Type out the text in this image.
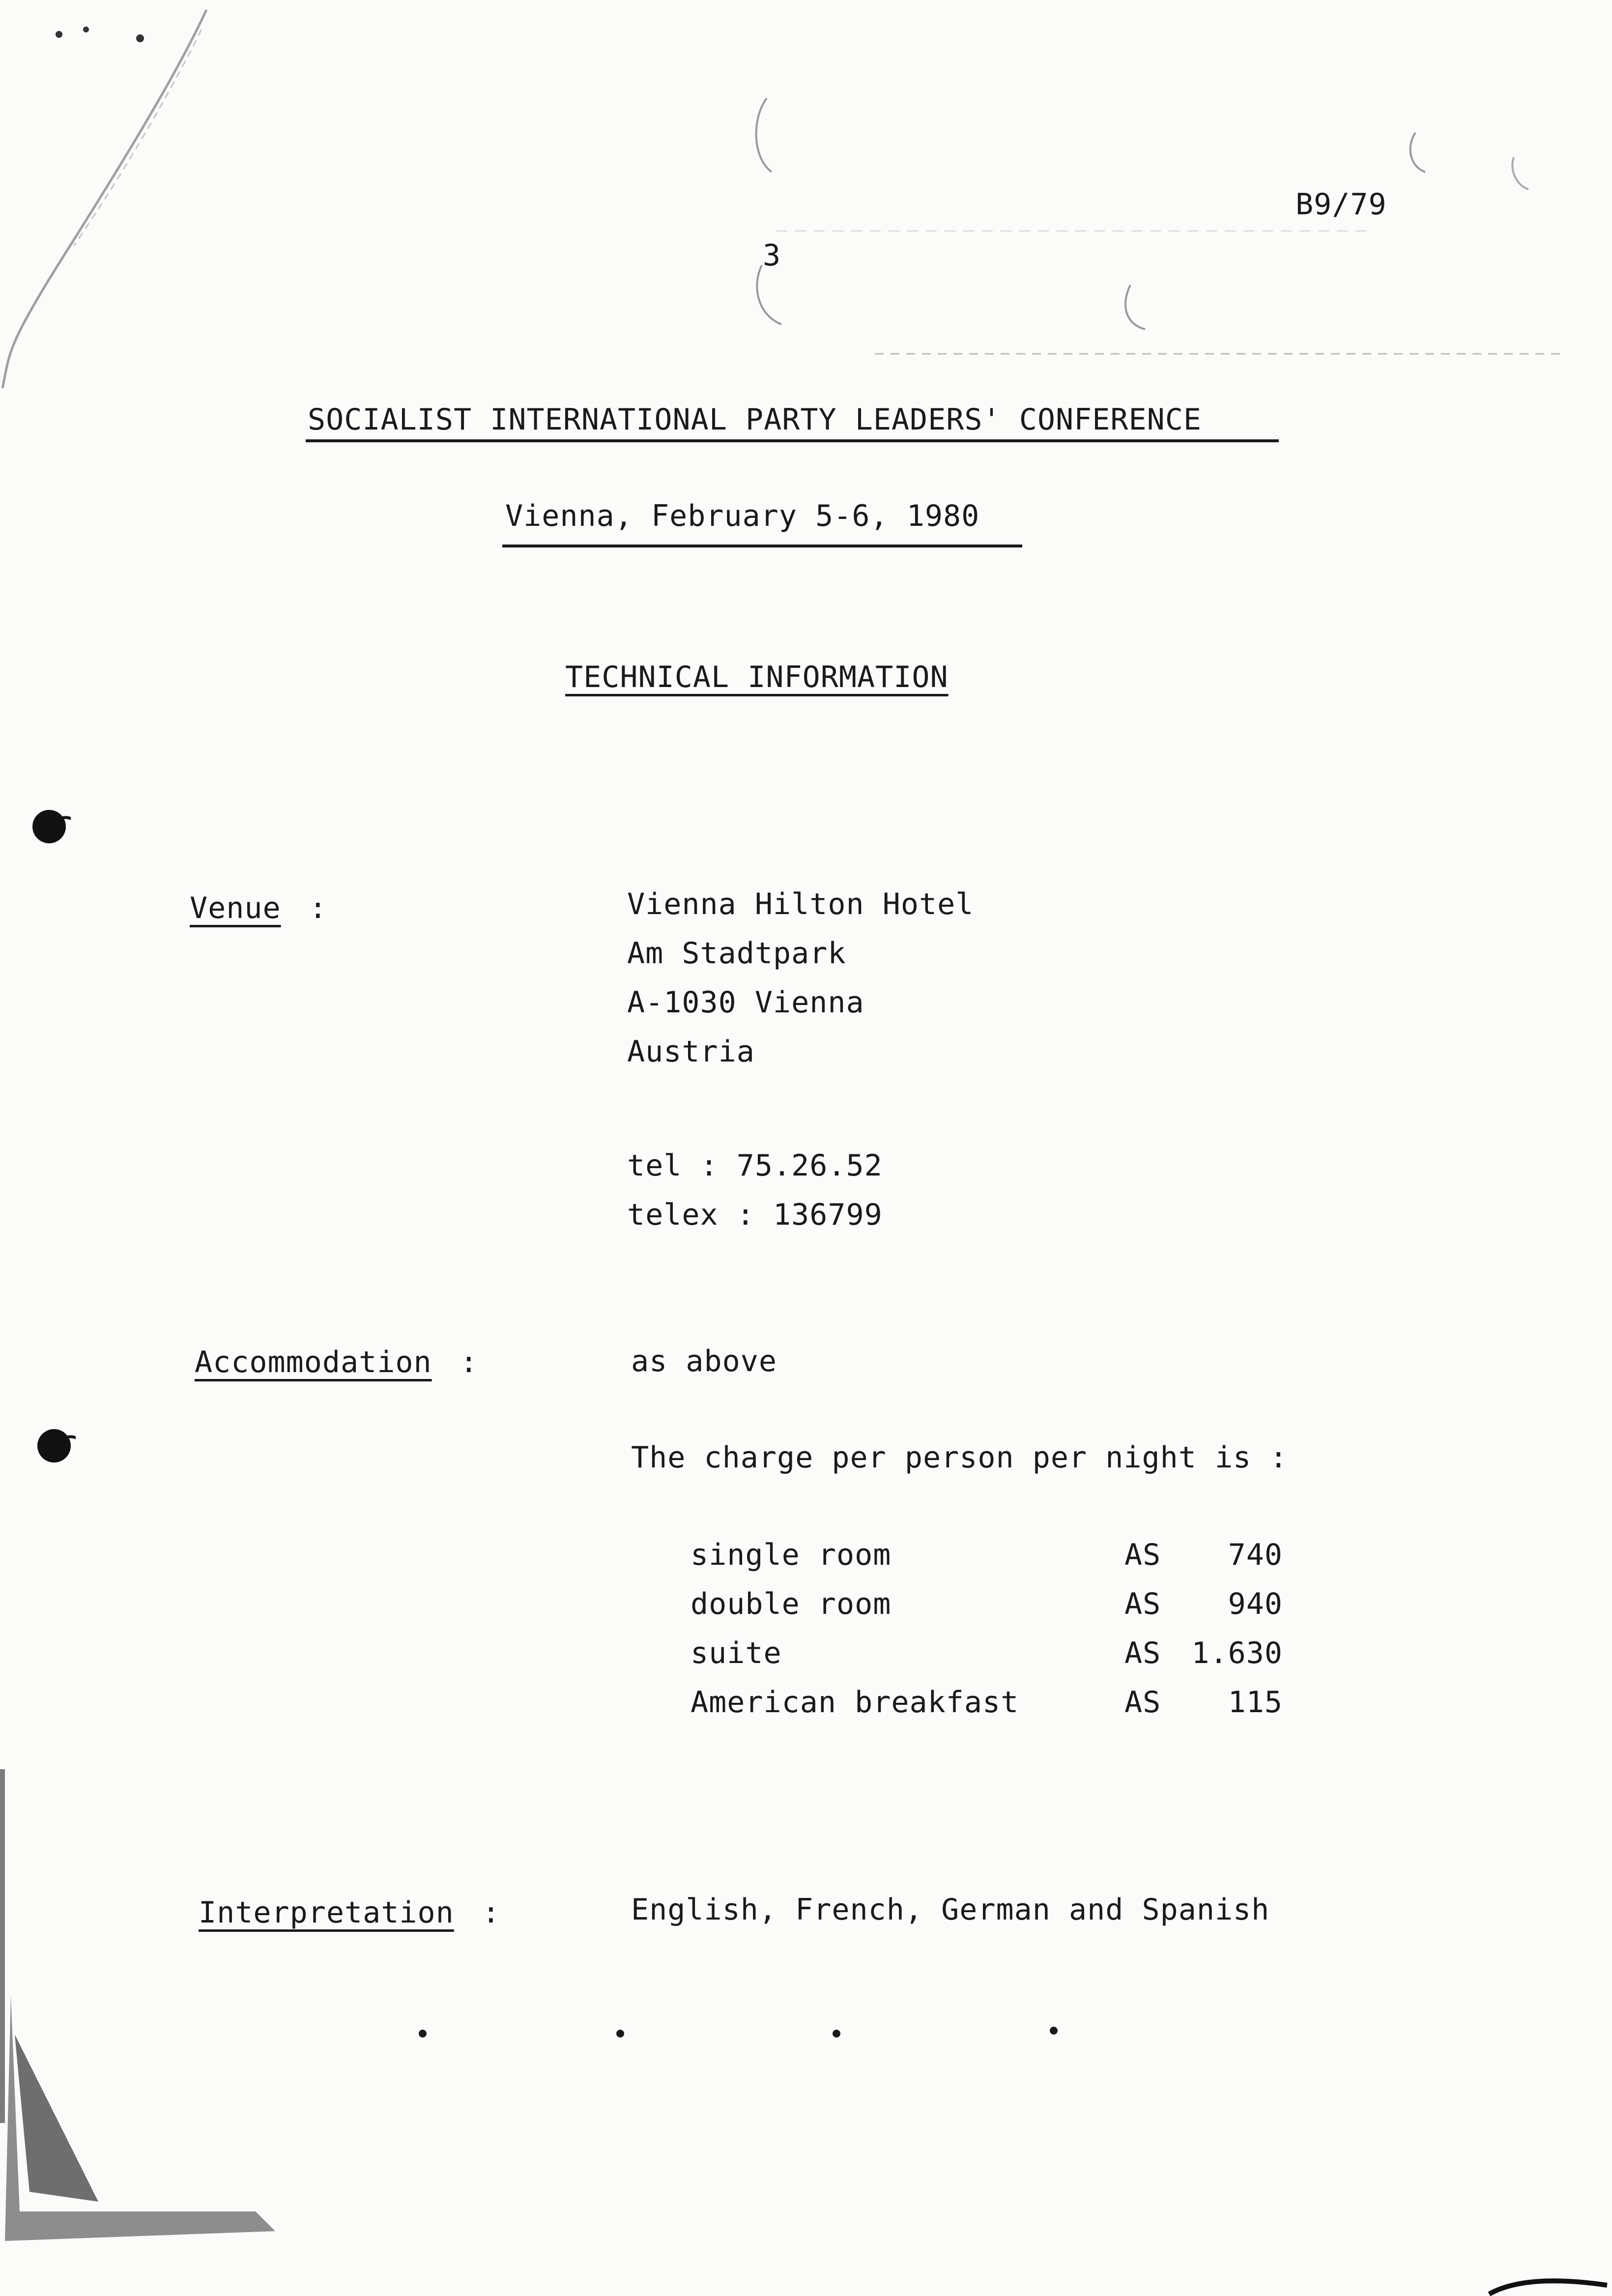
3
B9/79
SOCIALIST INTERNATIONAL PARTY LEADERS' CONFERENCE
Vienna, February 5-6, 1980
TECHNICAL INFORMATION
Venue :	Vienna Hilton Hotel
Am Stadtpark
A-1030 Vienna
Austria
tel : 75.26.52
telex : 136799
Accommodation :	as above
The charge per person per night is :
single room	AS	740
double room	AS	940
suite	AS 1.630
American breakfast	AS	115
Interpretation :	English, French, German and Spanish
